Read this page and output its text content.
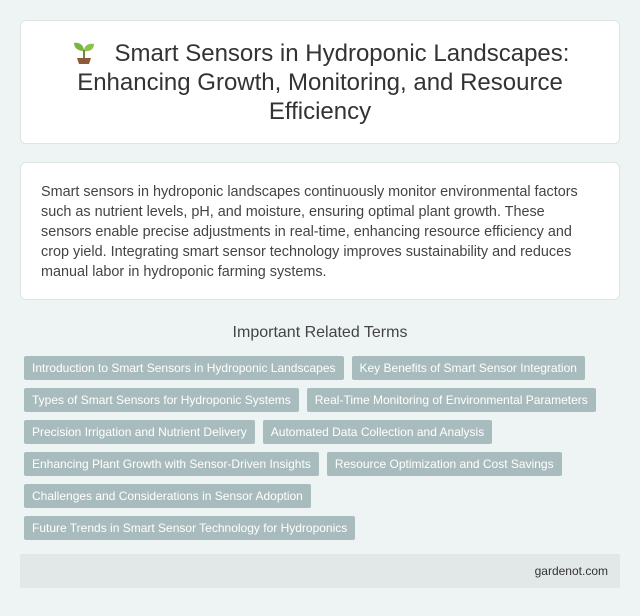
Smart Sensors in Hydroponic Landscapes: Enhancing Growth, Monitoring, and Resource Efficiency

Smart sensors in hydroponic landscapes continuously monitor environmental factors such as nutrient levels, pH, and moisture, ensuring optimal plant growth. These sensors enable precise adjustments in real-time, enhancing resource efficiency and crop yield. Integrating smart sensor technology improves sustainability and reduces manual labor in hydroponic farming systems.

Important Related Terms
Introduction to Smart Sensors in Hydroponic Landscapes	Key Benefits of Smart Sensor Integration
Types of Smart Sensors for Hydroponic Systems	Real-Time Monitoring of Environmental Parameters
Precision Irrigation and Nutrient Delivery	Automated Data Collection and Analysis
Enhancing Plant Growth with Sensor-Driven Insights	Resource Optimization and Cost Savings
Challenges and Considerations in Sensor Adoption
Future Trends in Smart Sensor Technology for Hydroponics
gardenot.com
